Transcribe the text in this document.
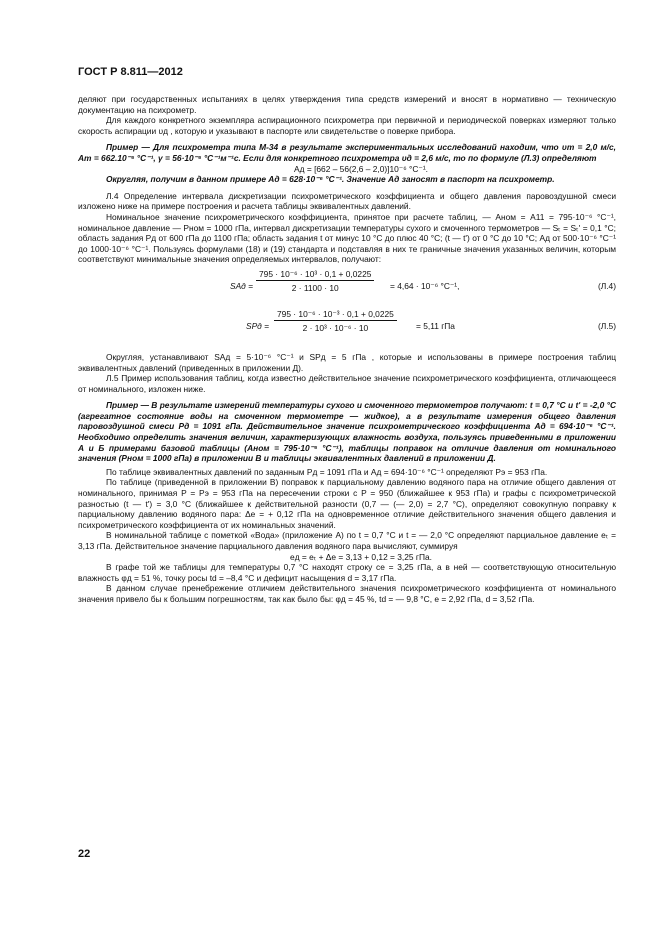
ГОСТ Р 8.811—2012

деляют при государственных испытаниях в целях утверждения типа средств измерений и вносят в нормативно — техническую документацию на психрометр.

Для каждого конкретного экземпляра аспирационного психрометра при первичной и периодической поверках измеряют только скорость аспирации υд , которую и указывают в паспорте или свидетельстве о поверке прибора.

Пример — Для психрометра типа М-34 в результате экспериментальных исследований находим, что υт = 2,0 м/с, Aт = 662.10⁻⁶ °С⁻¹, γ = 56·10⁻⁶ °С⁻¹м⁻¹с. Если для конкретного психрометра υд = 2,6 м/с, то по формуле (Л.3) определяют

Aд = [662 – 56(2,6 – 2,0)]10⁻⁶ °С⁻¹.

Округляя, получим в данном примере Aд = 628·10⁻⁶ °С⁻¹. Значение Aд заносят в паспорт на психрометр.

Л.4 Определение интервала дискретизации психрометрического коэффициента и общего давления паровоздушной смеси изложено ниже на примере построения и расчета таблицы эквивалентных давлений.

Номинальное значение психрометрического коэффициента, принятое при расчете таблиц, — Aном = A11 = 795·10⁻⁶ °С⁻¹, номинальное давление — Pном = 1000 гПа, интервал дискретизации температуры сухого и смоченного термометров — Sₜ = Sₜ' = 0,1 °С; область задания Pд от 600 гПа до 1100 гПа; область задания t от минус 10 °С до плюс 40 °С; (t — t') от 0 °С до 10 °С; Aд от 500·10⁻⁶ °С⁻¹ до 1000·10⁻⁶ °С⁻¹. Пользуясь формулами (18) и (19) стандарта и подставляя в них те граничные значения указанных величин, которым соответствуют минимальные значения определяемых интервалов, получают:

SAд = $\frac{\text{795 · 10⁻⁶ · 10³ · 0,1 + 0,0225}}{2 \cdot 1100 \cdot 10} = 4,64 \cdot 10^{-6}$ °С⁻¹,	(Л.4)
SPд = $\frac{\text{795 · 10⁻⁶ · 10⁻³ · 0,1 + 0,0225}}{\text{2 · 10³ · 10⁻⁶ · 10}} = 5,11$ гПа	(Л.5)

Округляя, устанавливают SAд = 5·10⁻⁶ °С⁻¹ и SPд = 5 гПа , которые и использованы в примере построения таблиц эквивалентных давлений (приведенных в приложении Д).

Л.5 Пример использования таблиц, когда известно действительное значение психрометрического коэффициента, отличающееся от номинального, изложен ниже.

Пример — В результате измерений температуры сухого и смоченного термометров получают: t = 0,7 °С и t' = -2,0 °С (агрегатное состояние воды на смоченном термометре — жидкое), а в результате измерения общего давления паровоздушной смеси Pд = 1091 гПа. Действительное значение психрометрического коэффициента Aд = 694·10⁻⁶ °С⁻¹. Необходимо определить значения величин, характеризующих влажность воздуха, пользуясь приведенными в приложении А и Б примерами базовой таблицы (Aном = 795·10⁻⁶ °С⁻¹), таблицы поправок на отличие давления от номинального значения (Pном = 1000 гПа) в приложении В и таблицы эквивалентных давлений в приложении Д.

По таблице эквивалентных давлений по заданным Pд = 1091 гПа и Aд = 694·10⁻⁶ °С⁻¹ определяют Pэ = 953 гПа.

По таблице (приведенной в приложении В) поправок к парциальному давлению водяного пара на отличие общего давления от номинального, принимая P = Pэ = 953 гПа на пересечении строки с P = 950 (ближайшее к 953 гПа) и графы с психрометрической разностью (t — t') = 3,0 °С (ближайшее к действительной разности (0,7 — (— 2,0) = 2,7 °С), определяют совокупную поправку к парциальному давлению водяного пара: Δe = + 0,12 гПа на одновременное отличие действительного значения общего давления и психрометрического коэффициента от их номинальных значений.

В номинальной таблице с пометкой «Вода» (приложение А) по t = 0,7 °С и t = — 2,0 °С определяют парциальное давление eₜ = 3,13 гПа. Действительное значение парциального давления водяного пара вычисляют, суммируя

eд = eₜ + Δe = 3,13 + 0,12 = 3,25 гПа.

В графе той же таблицы для температуры 0,7 °С находят строку сe = 3,25 гПа, а в ней — соответствующую относительную влажность φд = 51 %, точку росы td = –8,4 °С и дефицит насыщения d = 3,17 гПа.

В данном случае пренебрежение отличием действительного значения психрометрического коэффициента от номинального значения привело бы к большим погрешностям, так как было бы: φд = 45 %, td = — 9,8 °С, e = 2,92 гПа, d = 3,52 гПа.

22
